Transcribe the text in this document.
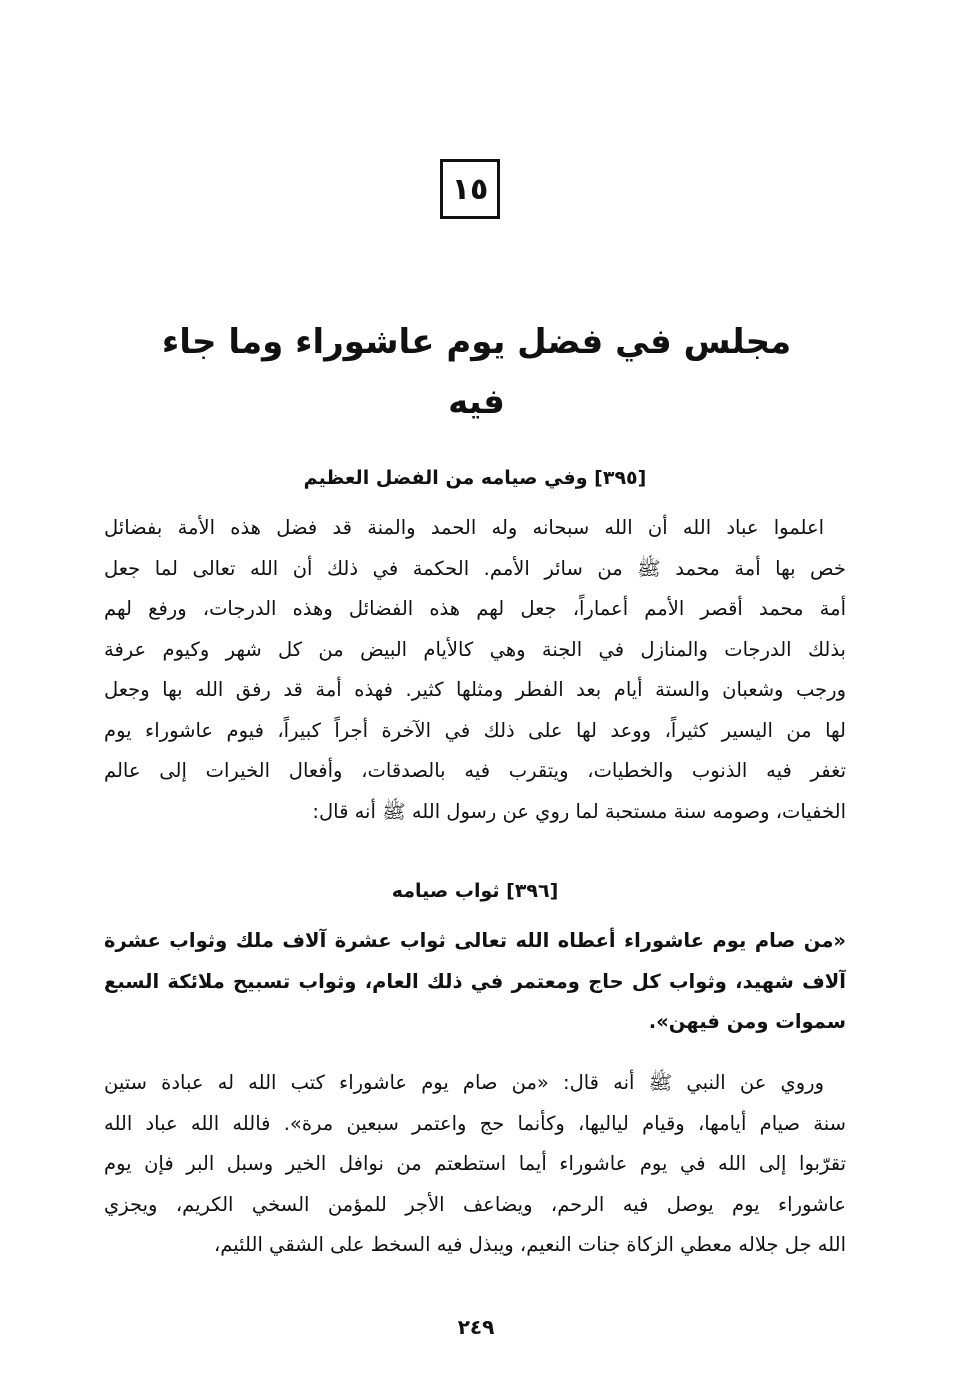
١٥
مجلس في فضل يوم عاشوراء وما جاء فيه
[٣٩٥] وفي صيامه من الفضل العظيم
اعلموا عباد الله أن الله سبحانه وله الحمد والمنة قد فضل هذه الأمة بفضائل
خص بها أمة محمد ﷺ من سائر الأمم. الحكمة في ذلك أن الله تعالى لما جعل
أمة محمد أقصر الأمم أعماراً، جعل لهم هذه الفضائل وهذه الدرجات، ورفع لهم
بذلك الدرجات والمنازل في الجنة وهي كالأيام البيض من كل شهر وكيوم عرفة
ورجب وشعبان والستة أيام بعد الفطر ومثلها كثير. فهذه أمة قد رفق الله بها وجعل
لها من اليسير كثيراً، ووعد لها على ذلك في الآخرة أجراً كبيراً، فيوم عاشوراء يوم
تغفر فيه الذنوب والخطيات، ويتقرب فيه بالصدقات، وأفعال الخيرات إلى عالم
الخفيات، وصومه سنة مستحبة لما روي عن رسول الله ﷺ أنه قال:
[٣٩٦] ثواب صيامه
«من صام يوم عاشوراء أعطاه الله تعالى ثواب عشرة آلاف ملك وثواب عشرة
آلاف شهيد، وثواب كل حاج ومعتمر في ذلك العام، وثواب تسبيح ملائكة السبع
سموات ومن فيهن».
وروي عن النبي ﷺ أنه قال: «من صام يوم عاشوراء كتب الله له عبادة ستين
سنة صيام أيامها، وقيام لياليها، وكأنما حج واعتمر سبعين مرة». فالله الله عباد الله
تقرّبوا إلى الله في يوم عاشوراء أيما استطعتم من نوافل الخير وسبل البر فإن يوم
عاشوراء يوم يوصل فيه الرحم، ويضاعف الأجر للمؤمن السخي الكريم، ويجزي
الله جل جلاله معطي الزكاة جنات النعيم، ويبذل فيه السخط على الشقي اللئيم،
٢٤٩
